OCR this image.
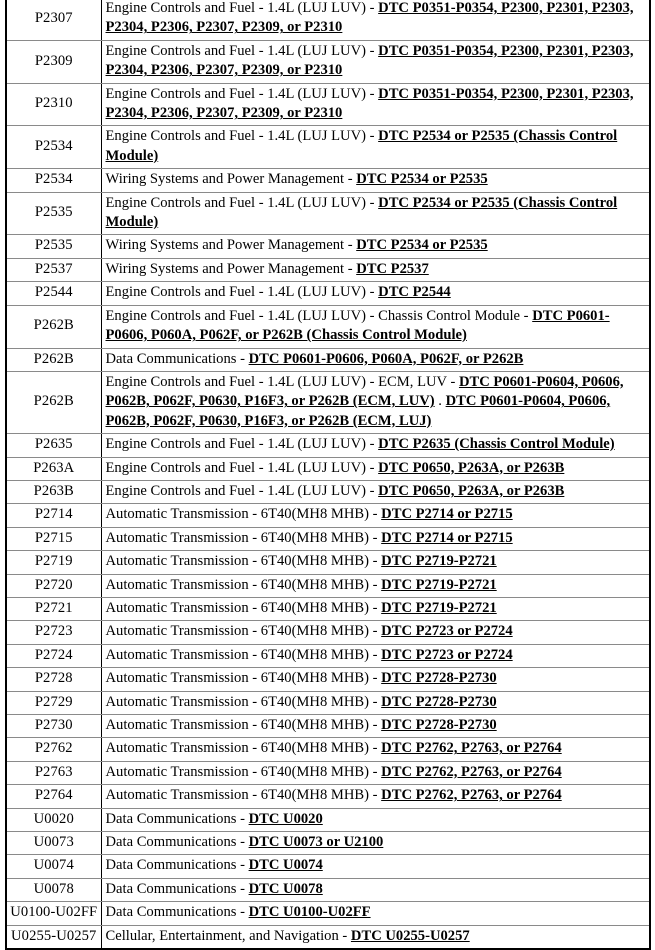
P2307	Engine Controls and Fuel - 1.4L (LUJ LUV) - DTC P0351-P0354, P2300, P2301, P2303, P2304, P2306, P2307, P2309, or P2310

P2309	Engine Controls and Fuel - 1.4L (LUJ LUV) - DTC P0351-P0354, P2300, P2301, P2303, P2304, P2306, P2307, P2309, or P2310

P2310	Engine Controls and Fuel - 1.4L (LUJ LUV) - DTC P0351-P0354, P2300, P2301, P2303, P2304, P2306, P2307, P2309, or P2310

P2534	Engine Controls and Fuel - 1.4L (LUJ LUV) - DTC P2534 or P2535 (Chassis Control Module)

P2534	Wiring Systems and Power Management - DTC P2534 or P2535

P2535	Engine Controls and Fuel - 1.4L (LUJ LUV) - DTC P2534 or P2535 (Chassis Control Module)

P2535	Wiring Systems and Power Management - DTC P2534 or P2535

P2537	Wiring Systems and Power Management - DTC P2537

P2544	Engine Controls and Fuel - 1.4L (LUJ LUV) - DTC P2544

P262B	Engine Controls and Fuel - 1.4L (LUJ LUV) - Chassis Control Module - DTC P0601-P0606, P060A, P062F, or P262B (Chassis Control Module)

P262B	Data Communications - DTC P0601-P0606, P060A, P062F, or P262B

P262B	Engine Controls and Fuel - 1.4L (LUJ LUV) - ECM, LUV - DTC P0601-P0604, P0606, P062B, P062F, P0630, P16F3, or P262B (ECM, LUV) . DTC P0601-P0604, P0606, P062B, P062F, P0630, P16F3, or P262B (ECM, LUJ)

P2635	Engine Controls and Fuel - 1.4L (LUJ LUV) - DTC P2635 (Chassis Control Module)

P263A	Engine Controls and Fuel - 1.4L (LUJ LUV) - DTC P0650, P263A, or P263B

P263B	Engine Controls and Fuel - 1.4L (LUJ LUV) - DTC P0650, P263A, or P263B

P2714	Automatic Transmission - 6T40(MH8 MHB) - DTC P2714 or P2715

P2715	Automatic Transmission - 6T40(MH8 MHB) - DTC P2714 or P2715

P2719	Automatic Transmission - 6T40(MH8 MHB) - DTC P2719-P2721

P2720	Automatic Transmission - 6T40(MH8 MHB) - DTC P2719-P2721

P2721	Automatic Transmission - 6T40(MH8 MHB) - DTC P2719-P2721

P2723	Automatic Transmission - 6T40(MH8 MHB) - DTC P2723 or P2724

P2724	Automatic Transmission - 6T40(MH8 MHB) - DTC P2723 or P2724

P2728	Automatic Transmission - 6T40(MH8 MHB) - DTC P2728-P2730

P2729	Automatic Transmission - 6T40(MH8 MHB) - DTC P2728-P2730

P2730	Automatic Transmission - 6T40(MH8 MHB) - DTC P2728-P2730

P2762	Automatic Transmission - 6T40(MH8 MHB) - DTC P2762, P2763, or P2764

P2763	Automatic Transmission - 6T40(MH8 MHB) - DTC P2762, P2763, or P2764

P2764	Automatic Transmission - 6T40(MH8 MHB) - DTC P2762, P2763, or P2764

U0020	Data Communications - DTC U0020

U0073	Data Communications - DTC U0073 or U2100

U0074	Data Communications - DTC U0074

U0078	Data Communications - DTC U0078

U0100-U02FF	Data Communications - DTC U0100-U02FF

U0255-U0257	Cellular, Entertainment, and Navigation - DTC U0255-U0257
